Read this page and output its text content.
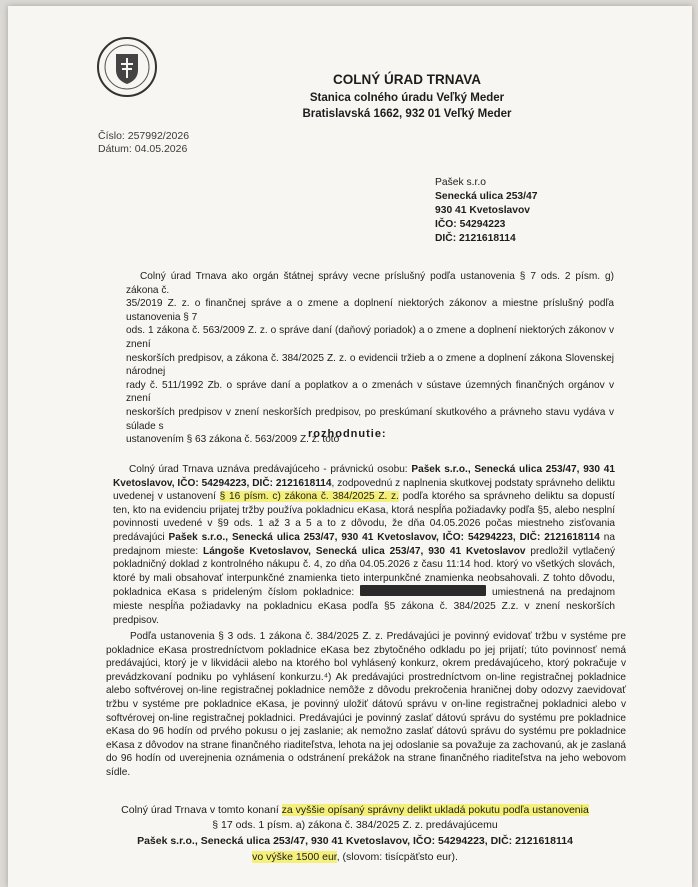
COLNÝ ÚRAD TRNAVA
Stanica colného úradu Veľký Meder
Bratislavská 1662, 932 01 Veľký Meder
Číslo: 257992/2026
Dátum: 04.05.2026
Pašek s.r.o
Senecká ulica 253/47
930 41 Kvetoslavov
IČO: 54294223
DIČ: 2121618114
Colný úrad Trnava ako orgán štátnej správy vecne príslušný podľa ustanovenia § 7 ods. 2 písm. g) zákona č.
35/2019 Z. z. o finančnej správe a o zmene a doplnení niektorých zákonov a miestne príslušný podľa ustanovenia § 7
ods. 1 zákona č. 563/2009 Z. z. o správe daní (daňový poriadok) a o zmene a doplnení niektorých zákonov v znení
neskorších predpisov, a zákona č. 384/2025 Z. z. o evidencii tržieb a o zmene a doplnení zákona Slovenskej národnej
rady č. 511/1992 Zb. o správe daní a poplatkov a o zmenách v sústave územných finančných orgánov v znení
neskorších predpisov v znení neskorších predpisov, po preskúmaní skutkového a právneho stavu vydáva v súlade s
ustanovením § 63 zákona č. 563/2009 Z. z. toto
rozhodnutie:

Colný úrad Trnava uznáva predávajúceho - právnickú osobu: Pašek s.r.o., Senecká ulica 253/47, 930 41 Kvetoslavov, IČO: 54294223, DIČ: 2121618114, zodpovednú z naplnenia skutkovej podstaty správneho deliktu uvedenej v ustanovení § 16 písm. c) zákona č. 384/2025 Z. z. podľa ktorého sa správneho deliktu sa dopustí ten, kto na evidenciu prijatej tržby používa pokladnicu eKasa, ktorá nespĺňa požiadavky podľa §5, alebo nesplní povinnosti uvedené v §9 ods. 1 až 3 a 5 a to z dôvodu, že dňa 04.05.2026 počas miestneho zisťovania predávajúci Pašek s.r.o., Senecká ulica 253/47, 930 41 Kvetoslavov, IČO: 54294223, DIČ: 2121618114 na predajnom mieste: Lángoše Kvetoslavov, Senecká ulica 253/47, 930 41 Kvetoslavov predložil vytlačený pokladničný doklad z kontrolného nákupu č. 4, zo dňa 04.05.2026 z času 11:14 hod. ktorý vo všetkých slovách, ktoré by mali obsahovať interpunkčné znamienka tieto interpunkčné znamienka neobsahovali. Z tohto dôvodu, pokladnica eKasa s prideleným číslom pokladnice:	umiestnená na predajnom mieste nespĺňa požiadavky na pokladnicu eKasa podľa §5 zákona č. 384/2025 Z.z. v znení neskorších predpisov.

Podľa ustanovenia § 3 ods. 1 zákona č. 384/2025 Z. z. Predávajúci je povinný evidovať tržbu v systéme pre pokladnice eKasa prostredníctvom pokladnice eKasa bez zbytočného odkladu po jej prijatí; túto povinnosť nemá predávajúci, ktorý je v likvidácii alebo na ktorého bol vyhlásený konkurz, okrem predávajúceho, ktorý pokračuje v prevádzkovaní podniku po vyhlásení konkurzu.⁴) Ak predávajúci prostredníctvom on-line registračnej pokladnice alebo softvérovej on-line registračnej pokladnice nemôže z dôvodu prekročenia hraničnej doby odozvy zaevidovať tržbu v systéme pre pokladnice eKasa, je povinný uložiť dátovú správu v on-line registračnej pokladnici alebo v softvérovej on-line registračnej pokladnici. Predávajúci je povinný zaslať dátovú správu do systému pre pokladnice eKasa do 96 hodín od prvého pokusu o jej zaslanie; ak nemožno zaslať dátovú správu do systému pre pokladnice eKasa z dôvodov na strane finančného riaditeľstva, lehota na jej odoslanie sa považuje za zachovanú, ak je zaslaná do 96 hodín od uverejnenia oznámenia o odstránení prekážok na strane finančného riaditeľstva na jeho webovom sídle.

Colný úrad Trnava v tomto konaní za vyššie opísaný správny delikt ukladá pokutu podľa ustanovenia
§ 17 ods. 1 písm. a) zákona č. 384/2025 Z. z. predávajúcemu
Pašek s.r.o., Senecká ulica 253/47, 930 41 Kvetoslavov, IČO: 54294223, DIČ: 2121618114
vo výške 1500 eur, (slovom: tisícpäťsto eur).
